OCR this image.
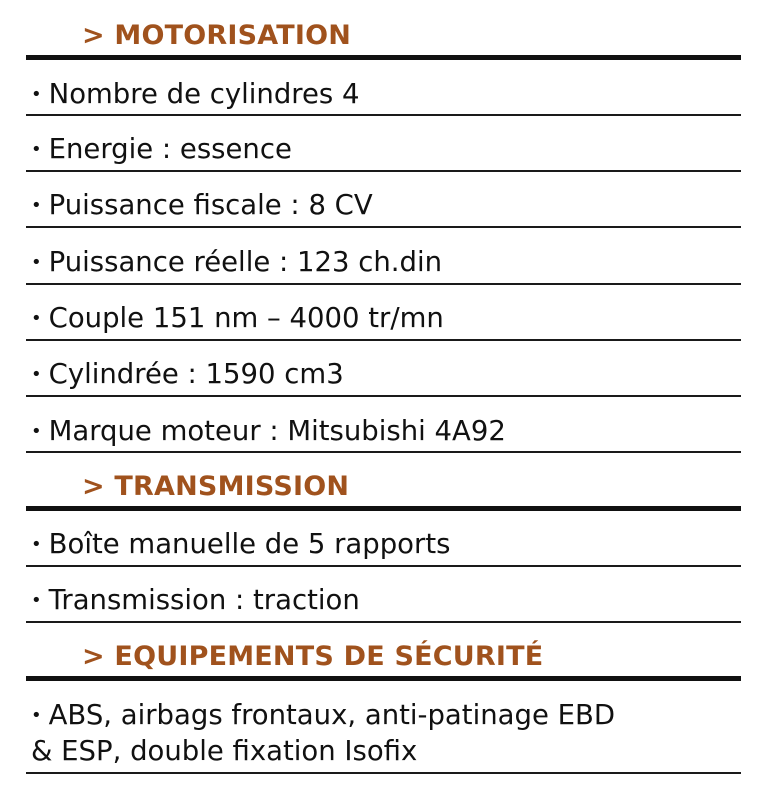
> MOTORISATION
• Nombre de cylindres 4
• Energie : essence
• Puissance fiscale : 8 CV
• Puissance réelle : 123 ch.din
• Couple 151 nm – 4000 tr/mn
• Cylindrée : 1590 cm3
• Marque moteur : Mitsubishi 4A92
> TRANSMISSION
• Boîte manuelle de 5 rapports
• Transmission : traction
> EQUIPEMENTS DE SÉCURITÉ
• ABS, airbags frontaux, anti-patinage EBD
& ESP, double fixation Isofix
